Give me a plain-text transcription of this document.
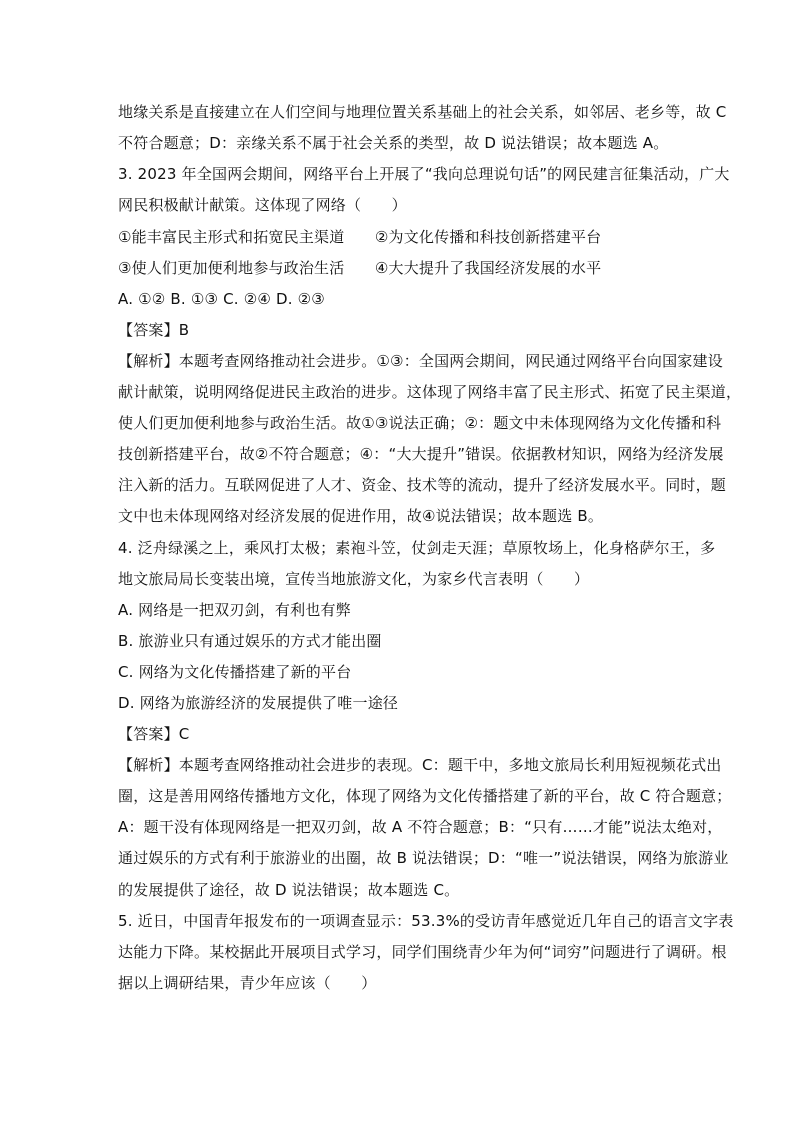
地缘关系是直接建立在人们空间与地理位置关系基础上的社会关系，如邻居、老乡等，故 C
不符合题意；D：亲缘关系不属于社会关系的类型，故 D 说法错误；故本题选 A。
3. 2023 年全国两会期间，网络平台上开展了“我向总理说句话”的网民建言征集活动，广大
网民积极献计献策。这体现了网络（　　）
①能丰富民主形式和拓宽民主渠道　　②为文化传播和科技创新搭建平台
③使人们更加便利地参与政治生活　　④大大提升了我国经济发展的水平
A. ①② B. ①③ C. ②④ D. ②③
【答案】B
【解析】本题考查网络推动社会进步。①③：全国两会期间，网民通过网络平台向国家建设
献计献策，说明网络促进民主政治的进步。这体现了网络丰富了民主形式、拓宽了民主渠道，
使人们更加便利地参与政治生活。故①③说法正确；②：题文中未体现网络为文化传播和科
技创新搭建平台，故②不符合题意；④：“大大提升”错误。依据教材知识，网络为经济发展
注入新的活力。互联网促进了人才、资金、技术等的流动，提升了经济发展水平。同时，题
文中也未体现网络对经济发展的促进作用，故④说法错误；故本题选 B。
4. 泛舟绿溪之上，乘风打太极；素袍斗笠，仗剑走天涯；草原牧场上，化身格萨尔王，多
地文旅局局长变装出境，宣传当地旅游文化，为家乡代言表明（　　）
A. 网络是一把双刃剑，有利也有弊
B. 旅游业只有通过娱乐的方式才能出圈
C. 网络为文化传播搭建了新的平台
D. 网络为旅游经济的发展提供了唯一途径
【答案】C
【解析】本题考查网络推动社会进步的表现。C：题干中，多地文旅局长利用短视频花式出
圈，这是善用网络传播地方文化，体现了网络为文化传播搭建了新的平台，故 C 符合题意；
A：题干没有体现网络是一把双刃剑，故 A 不符合题意；B：“只有……才能”说法太绝对，
通过娱乐的方式有利于旅游业的出圈，故 B 说法错误；D：“唯一”说法错误，网络为旅游业
的发展提供了途径，故 D 说法错误；故本题选 C。
5. 近日，中国青年报发布的一项调查显示：53.3%的受访青年感觉近几年自己的语言文字表
达能力下降。某校据此开展项目式学习，同学们围绕青少年为何“词穷”问题进行了调研。根
据以上调研结果，青少年应该（　　）
